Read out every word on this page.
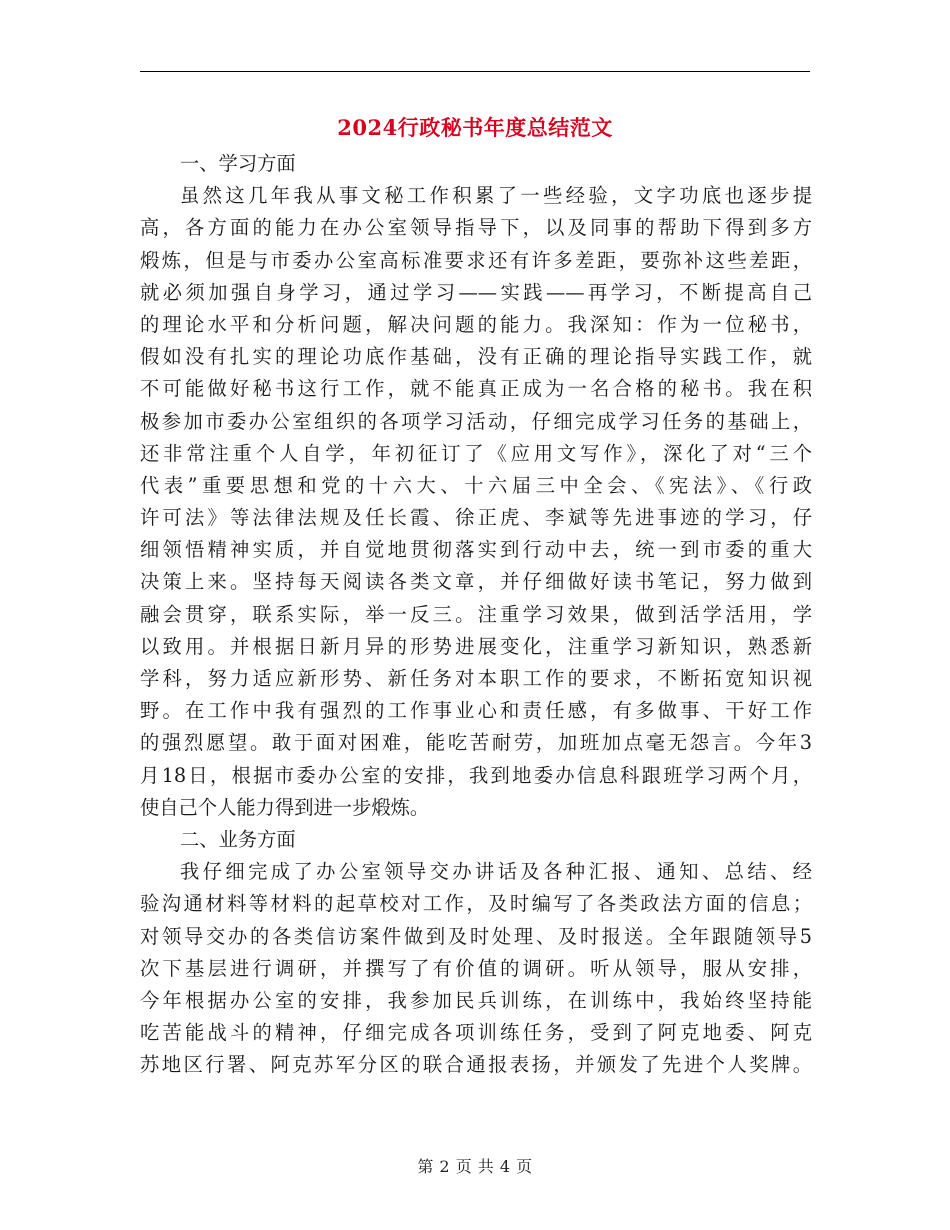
2024行政秘书年度总结范文
一、学习方面
虽然这几年我从事文秘工作积累了一些经验，文字功底也逐步提
高，各方面的能力在办公室领导指导下，以及同事的帮助下得到多方
煅炼，但是与市委办公室高标准要求还有许多差距，要弥补这些差距，
就必须加强自身学习，通过学习——实践——再学习，不断提高自己
的理论水平和分析问题，解决问题的能力。我深知：作为一位秘书，
假如没有扎实的理论功底作基础，没有正确的理论指导实践工作，就
不可能做好秘书这行工作，就不能真正成为一名合格的秘书。我在积
极参加市委办公室组织的各项学习活动，仔细完成学习任务的基础上，
还非常注重个人自学，年初征订了《应用文写作》，深化了对“三个
代表”重要思想和党的十六大、十六届三中全会、《宪法》、《行政
许可法》等法律法规及任长霞、徐正虎、李斌等先进事迹的学习，仔
细领悟精神实质，并自觉地贯彻落实到行动中去，统一到市委的重大
决策上来。坚持每天阅读各类文章，并仔细做好读书笔记，努力做到
融会贯穿，联系实际，举一反三。注重学习效果，做到活学活用，学
以致用。并根据日新月异的形势进展变化，注重学习新知识，熟悉新
学科，努力适应新形势、新任务对本职工作的要求，不断拓宽知识视
野。在工作中我有强烈的工作事业心和责任感，有多做事、干好工作
的强烈愿望。敢于面对困难，能吃苦耐劳，加班加点毫无怨言。今年3
月18日，根据市委办公室的安排，我到地委办信息科跟班学习两个月，
使自己个人能力得到进一步煅炼。
二、业务方面
我仔细完成了办公室领导交办讲话及各种汇报、通知、总结、经
验沟通材料等材料的起草校对工作，及时编写了各类政法方面的信息；
对领导交办的各类信访案件做到及时处理、及时报送。全年跟随领导5
次下基层进行调研，并撰写了有价值的调研。听从领导，服从安排，
今年根据办公室的安排，我参加民兵训练，在训练中，我始终坚持能
吃苦能战斗的精神，仔细完成各项训练任务，受到了阿克地委、阿克
苏地区行署、阿克苏军分区的联合通报表扬，并颁发了先进个人奖牌。
第 2 页 共 4 页
